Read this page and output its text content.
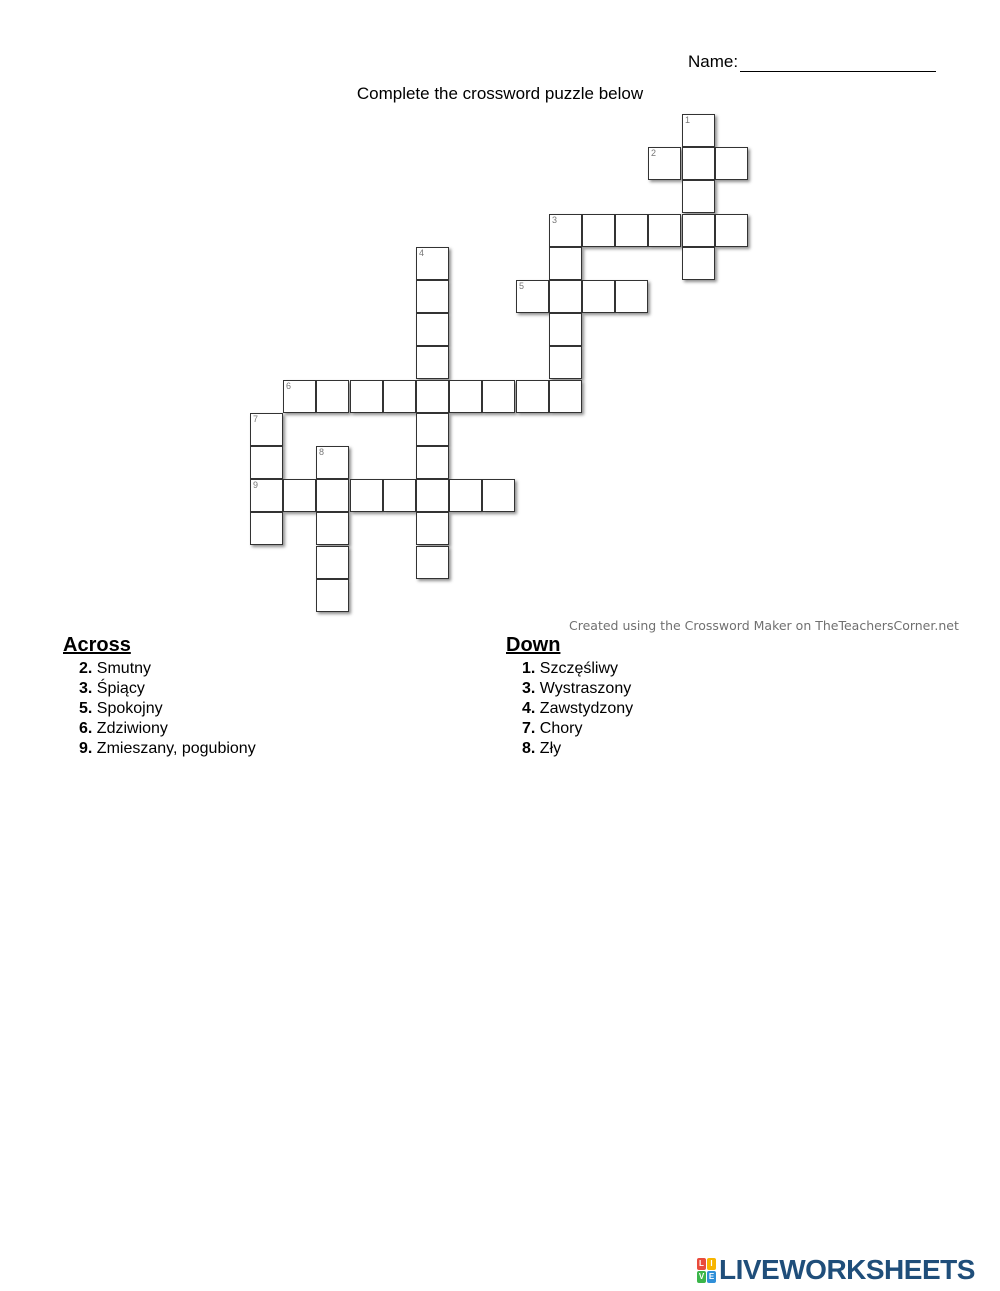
Name:
Complete the crossword puzzle below
1
2
3
4
5
6
7
8
9
Created using the Crossword Maker on TheTeachersCorner.net
Across
2. Smutny
3. Śpiący
5. Spokojny
6. Zdziwiony
9. Zmieszany, pogubiony
Down
1. Szczęśliwy
3. Wystraszony
4. Zawstydzony
7. Chory
8. Zły
L I
V E LIVEWORKSHEETS
